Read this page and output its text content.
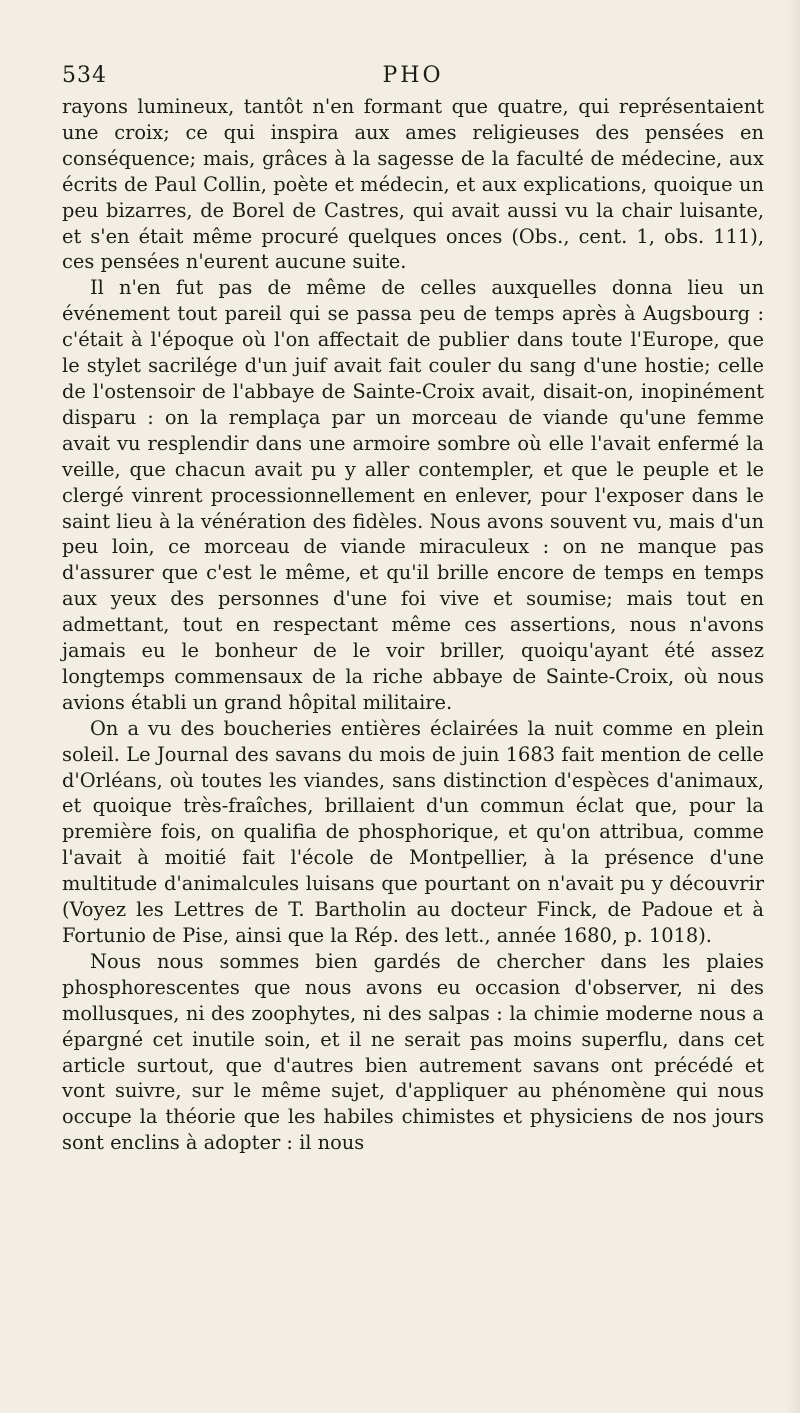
534	PHO

rayons lumineux, tantôt n'en formant que quatre, qui représentaient une croix; ce qui inspira aux ames religieuses des pensées en conséquence; mais, grâces à la sagesse de la faculté de médecine, aux écrits de Paul Collin, poète et médecin, et aux explications, quoique un peu bizarres, de Borel de Castres, qui avait aussi vu la chair luisante, et s'en était même procuré quelques onces (Obs., cent. 1, obs. 111), ces pensées n'eurent aucune suite.

Il n'en fut pas de même de celles auxquelles donna lieu un événement tout pareil qui se passa peu de temps après à Augsbourg : c'était à l'époque où l'on affectait de publier dans toute l'Europe, que le stylet sacrilége d'un juif avait fait couler du sang d'une hostie; celle de l'ostensoir de l'abbaye de Sainte-Croix avait, disait-on, inopinément disparu : on la remplaça par un morceau de viande qu'une femme avait vu resplendir dans une armoire sombre où elle l'avait enfermé la veille, que chacun avait pu y aller contempler, et que le peuple et le clergé vinrent processionnellement en enlever, pour l'exposer dans le saint lieu à la vénération des fidèles. Nous avons souvent vu, mais d'un peu loin, ce morceau de viande miraculeux : on ne manque pas d'assurer que c'est le même, et qu'il brille encore de temps en temps aux yeux des personnes d'une foi vive et soumise; mais tout en admettant, tout en respectant même ces assertions, nous n'avons jamais eu le bonheur de le voir briller, quoiqu'ayant été assez longtemps commensaux de la riche abbaye de Sainte-Croix, où nous avions établi un grand hôpital militaire.

On a vu des boucheries entières éclairées la nuit comme en plein soleil. Le Journal des savans du mois de juin 1683 fait mention de celle d'Orléans, où toutes les viandes, sans distinction d'espèces d'animaux, et quoique très-fraîches, brillaient d'un commun éclat que, pour la première fois, on qualifia de phosphorique, et qu'on attribua, comme l'avait à moitié fait l'école de Montpellier, à la présence d'une multitude d'animalcules luisans que pourtant on n'avait pu y découvrir (Voyez les Lettres de T. Bartholin au docteur Finck, de Padoue et à Fortunio de Pise, ainsi que la Rép. des lett., année 1680, p. 1018).

Nous nous sommes bien gardés de chercher dans les plaies phosphorescentes que nous avons eu occasion d'observer, ni des mollusques, ni des zoophytes, ni des salpas : la chimie moderne nous a épargné cet inutile soin, et il ne serait pas moins superflu, dans cet article surtout, que d'autres bien autrement savans ont précédé et vont suivre, sur le même sujet, d'appliquer au phénomène qui nous occupe la théorie que les habiles chimistes et physiciens de nos jours sont enclins à adopter : il nous
